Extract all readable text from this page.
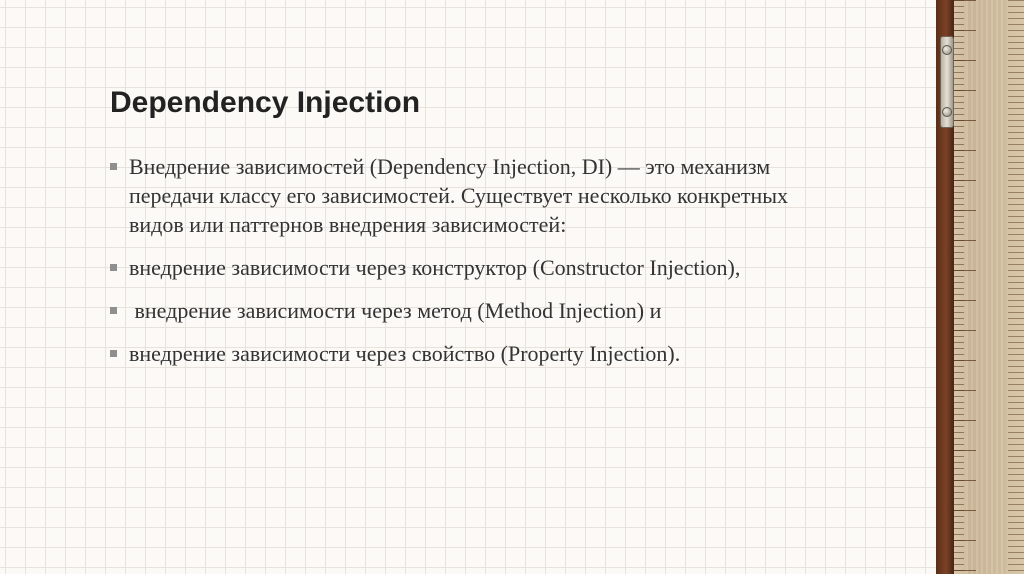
Dependency Injection
Внедрение зависимостей (Dependency Injection, DI) — это механизм передачи классу его зависимостей. Существует несколько конкретных видов или паттернов внедрения зависимостей:
внедрение зависимости через конструктор (Constructor Injection),
внедрение зависимости через метод (Method Injection) и
внедрение зависимости через свойство (Property Injection).
